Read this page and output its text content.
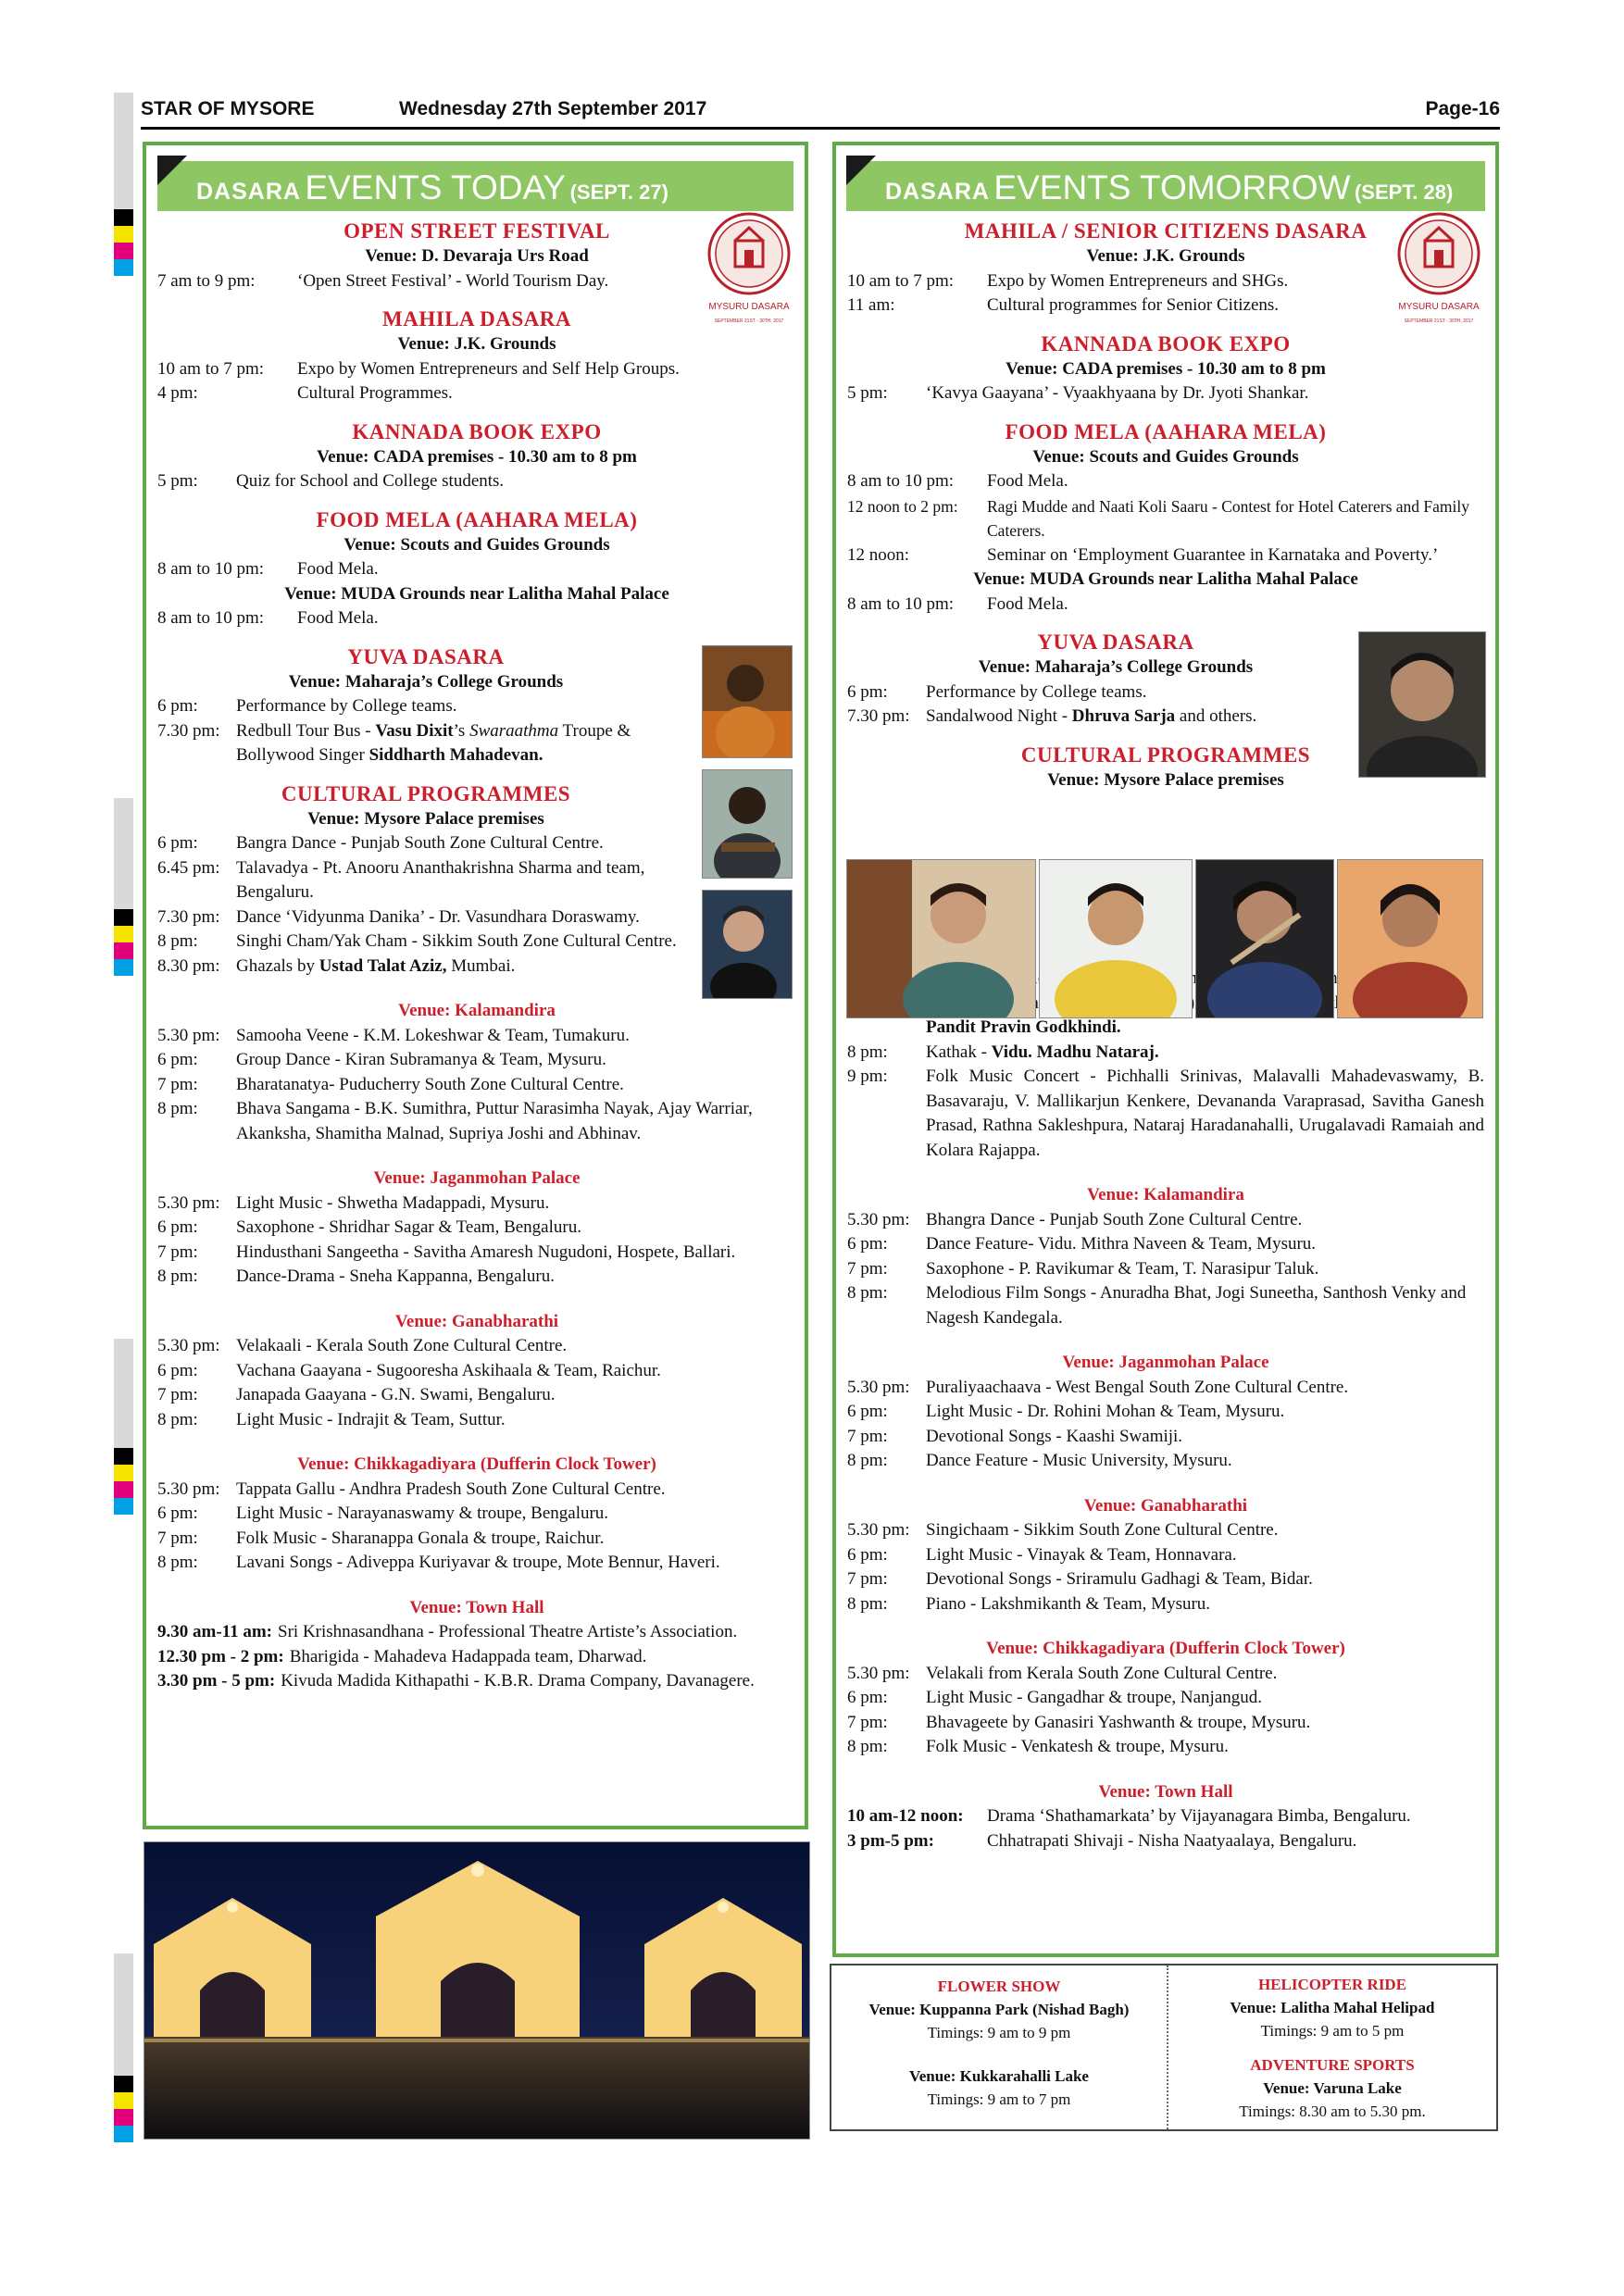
STAR OF MYSORE	Wednesday 27th September 2017	Page-16
DASARA EVENTS TODAY (SEPT. 27)
MYSURU DASARA
SEPTEMBER 21ST - 30TH, 2017
OPEN STREET FESTIVAL
Venue: D. Devaraja Urs Road
7 am to 9 pm:	‘Open Street Festival’ - World Tourism Day.
MAHILA DASARA
Venue: J.K. Grounds
10 am to 7 pm:	Expo by Women Entrepreneurs and Self Help Groups.
4 pm:	Cultural Programmes.
KANNADA BOOK EXPO
Venue: CADA premises - 10.30 am to 8 pm
5 pm:	Quiz for School and College students.
FOOD MELA (AAHARA MELA)
Venue: Scouts and Guides Grounds
8 am to 10 pm:	Food Mela.
Venue: MUDA Grounds near Lalitha Mahal Palace
8 am to 10 pm:	Food Mela.
YUVA DASARA
Venue: Maharaja’s College Grounds
6 pm:	Performance by College teams.
7.30 pm: Redbull Tour Bus - Vasu Dixit’s Swaraathma Troupe & Bollywood Singer Siddharth Mahadevan.
CULTURAL PROGRAMMES
Venue: Mysore Palace premises
6 pm:	Bangra Dance - Punjab South Zone Cultural Centre.
6.45 pm: Talavadya - Pt. Anooru Ananthakrishna Sharma and team, Bengaluru.
7.30 pm: Dance ‘Vidyunma Danika’ - Dr. Vasundhara Doraswamy.
8 pm:	Singhi Cham/Yak Cham - Sikkim South Zone Cultural Centre.
8.30 pm: Ghazals by Ustad Talat Aziz, Mumbai.
Venue: Kalamandira
5.30 pm: Samooha Veene - K.M. Lokeshwar & Team, Tumakuru.
6 pm:	Group Dance - Kiran Subramanya & Team, Mysuru.
7 pm:	Bharatanatya- Puducherry South Zone Cultural Centre.
8 pm:	Bhava Sangama - B.K. Sumithra, Puttur Narasimha Nayak, Ajay Warriar, Akanksha, Shamitha Malnad, Supriya Joshi and Abhinav.
Venue: Jaganmohan Palace
5.30 pm: Light Music - Shwetha Madappadi, Mysuru.
6 pm:	Saxophone - Shridhar Sagar & Team, Bengaluru.
7 pm:	Hindusthani Sangeetha - Savitha Amaresh Nugudoni, Hospete, Ballari.
8 pm:	Dance-Drama - Sneha Kappanna, Bengaluru.
Venue: Ganabharathi
5.30 pm: Velakaali - Kerala South Zone Cultural Centre.
6 pm:	Vachana Gaayana - Sugooresha Askihaala & Team, Raichur.
7 pm:	Janapada Gaayana - G.N. Swami, Bengaluru.
8 pm:	Light Music - Indrajit & Team, Suttur.
Venue: Chikkagadiyara (Dufferin Clock Tower)
5.30 pm: Tappata Gallu - Andhra Pradesh South Zone Cultural Centre.
6 pm:	Light Music - Narayanaswamy & troupe, Bengaluru.
7 pm:	Folk Music - Sharanappa Gonala & troupe, Raichur.
8 pm:	Lavani Songs - Adiveppa Kuriyavar & troupe, Mote Bennur, Haveri.
Venue: Town Hall
9.30 am-11 am: Sri Krishnasandhana - Professional Theatre Artiste’s Association.
12.30 pm - 2 pm: Bharigida - Mahadeva Hadappada team, Dharwad.
3.30 pm - 5 pm: Kivuda Madida Kithapathi - K.B.R. Drama Company, Davanagere.
DASARA EVENTS TOMORROW (SEPT. 28)
MYSURU DASARA
SEPTEMBER 21ST - 30TH, 2017
MAHILA / SENIOR CITIZENS DASARA
Venue: J.K. Grounds
10 am to 7 pm:	Expo by Women Entrepreneurs and SHGs.
11 am:	Cultural programmes for Senior Citizens.
KANNADA BOOK EXPO
Venue: CADA premises - 10.30 am to 8 pm
5 pm:	‘Kavya Gaayana’ - Vyaakhyaana by Dr. Jyoti Shankar.
FOOD MELA (AAHARA MELA)
Venue: Scouts and Guides Grounds
8 am to 10 pm:	Food Mela.
12 noon to 2 pm:	Ragi Mudde and Naati Koli Saaru - Contest for Hotel Caterers and Family Caterers.
12 noon:	Seminar on ‘Employment Guarantee in Karnataka and Poverty.’
Venue: MUDA Grounds near Lalitha Mahal Palace
8 am to 10 pm:	Food Mela.
YUVA DASARA
Venue: Maharaja’s College Grounds
6 pm:	Performance by College teams.
7.30 pm: Sandalwood Night - Dhruva Sarja and others.
CULTURAL PROGRAMMES
Venue: Mysore Palace premises
Pandit Pravin Godkhindi.
8 pm:	Kathak - Vidu. Madhu Nataraj.
9 pm:	Folk Music Concert - Pichhalli Srinivas, Malavalli Mahadevaswamy, B. Basavaraju, V. Mallikarjun Kenkere, Devananda Varaprasad, Savitha Ganesh Prasad, Rathna Sakleshpura, Nataraj Haradanahalli, Urugalavadi Ramaiah and Kolara Rajappa.
Venue: Kalamandira
5.30 pm: Bhangra Dance - Punjab South Zone Cultural Centre.
6 pm:	Dance Feature- Vidu. Mithra Naveen & Team, Mysuru.
7 pm:	Saxophone - P. Ravikumar & Team, T. Narasipur Taluk.
8 pm:	Melodious Film Songs - Anuradha Bhat, Jogi Suneetha, Santhosh Venky and Nagesh Kandegala.
Venue: Jaganmohan Palace
5.30 pm: Puraliyaachaava - West Bengal South Zone Cultural Centre.
6 pm:	Light Music - Dr. Rohini Mohan & Team, Mysuru.
7 pm:	Devotional Songs - Kaashi Swamiji.
8 pm:	Dance Feature - Music University, Mysuru.
Venue: Ganabharathi
5.30 pm: Singichaam - Sikkim South Zone Cultural Centre.
6 pm:	Light Music - Vinayak & Team, Honnavara.
7 pm:	Devotional Songs - Sriramulu Gadhagi & Team, Bidar.
8 pm:	Piano - Lakshmikanth & Team, Mysuru.
Venue: Chikkagadiyara (Dufferin Clock Tower)
5.30 pm: Velakali from Kerala South Zone Cultural Centre.
6 pm:	Light Music - Gangadhar & troupe, Nanjangud.
7 pm:	Bhavageete by Ganasiri Yashwanth & troupe, Mysuru.
8 pm:	Folk Music - Venkatesh & troupe, Mysuru.
Venue: Town Hall
10 am-12 noon:	Drama ‘Shathamarkata’ by Vijayanagara Bimba, Bengaluru.
3 pm-5 pm:	Chhatrapati Shivaji - Nisha Naatyaalaya, Bengaluru.
FLOWER SHOW
Venue: Kuppanna Park (Nishad Bagh)
Timings: 9 am to 9 pm
Venue: Kukkarahalli Lake
Timings: 9 am to 7 pm
HELICOPTER RIDE
Venue: Lalitha Mahal Helipad
Timings: 9 am to 5 pm
ADVENTURE SPORTS
Venue: Varuna Lake
Timings: 8.30 am to 5.30 pm.
